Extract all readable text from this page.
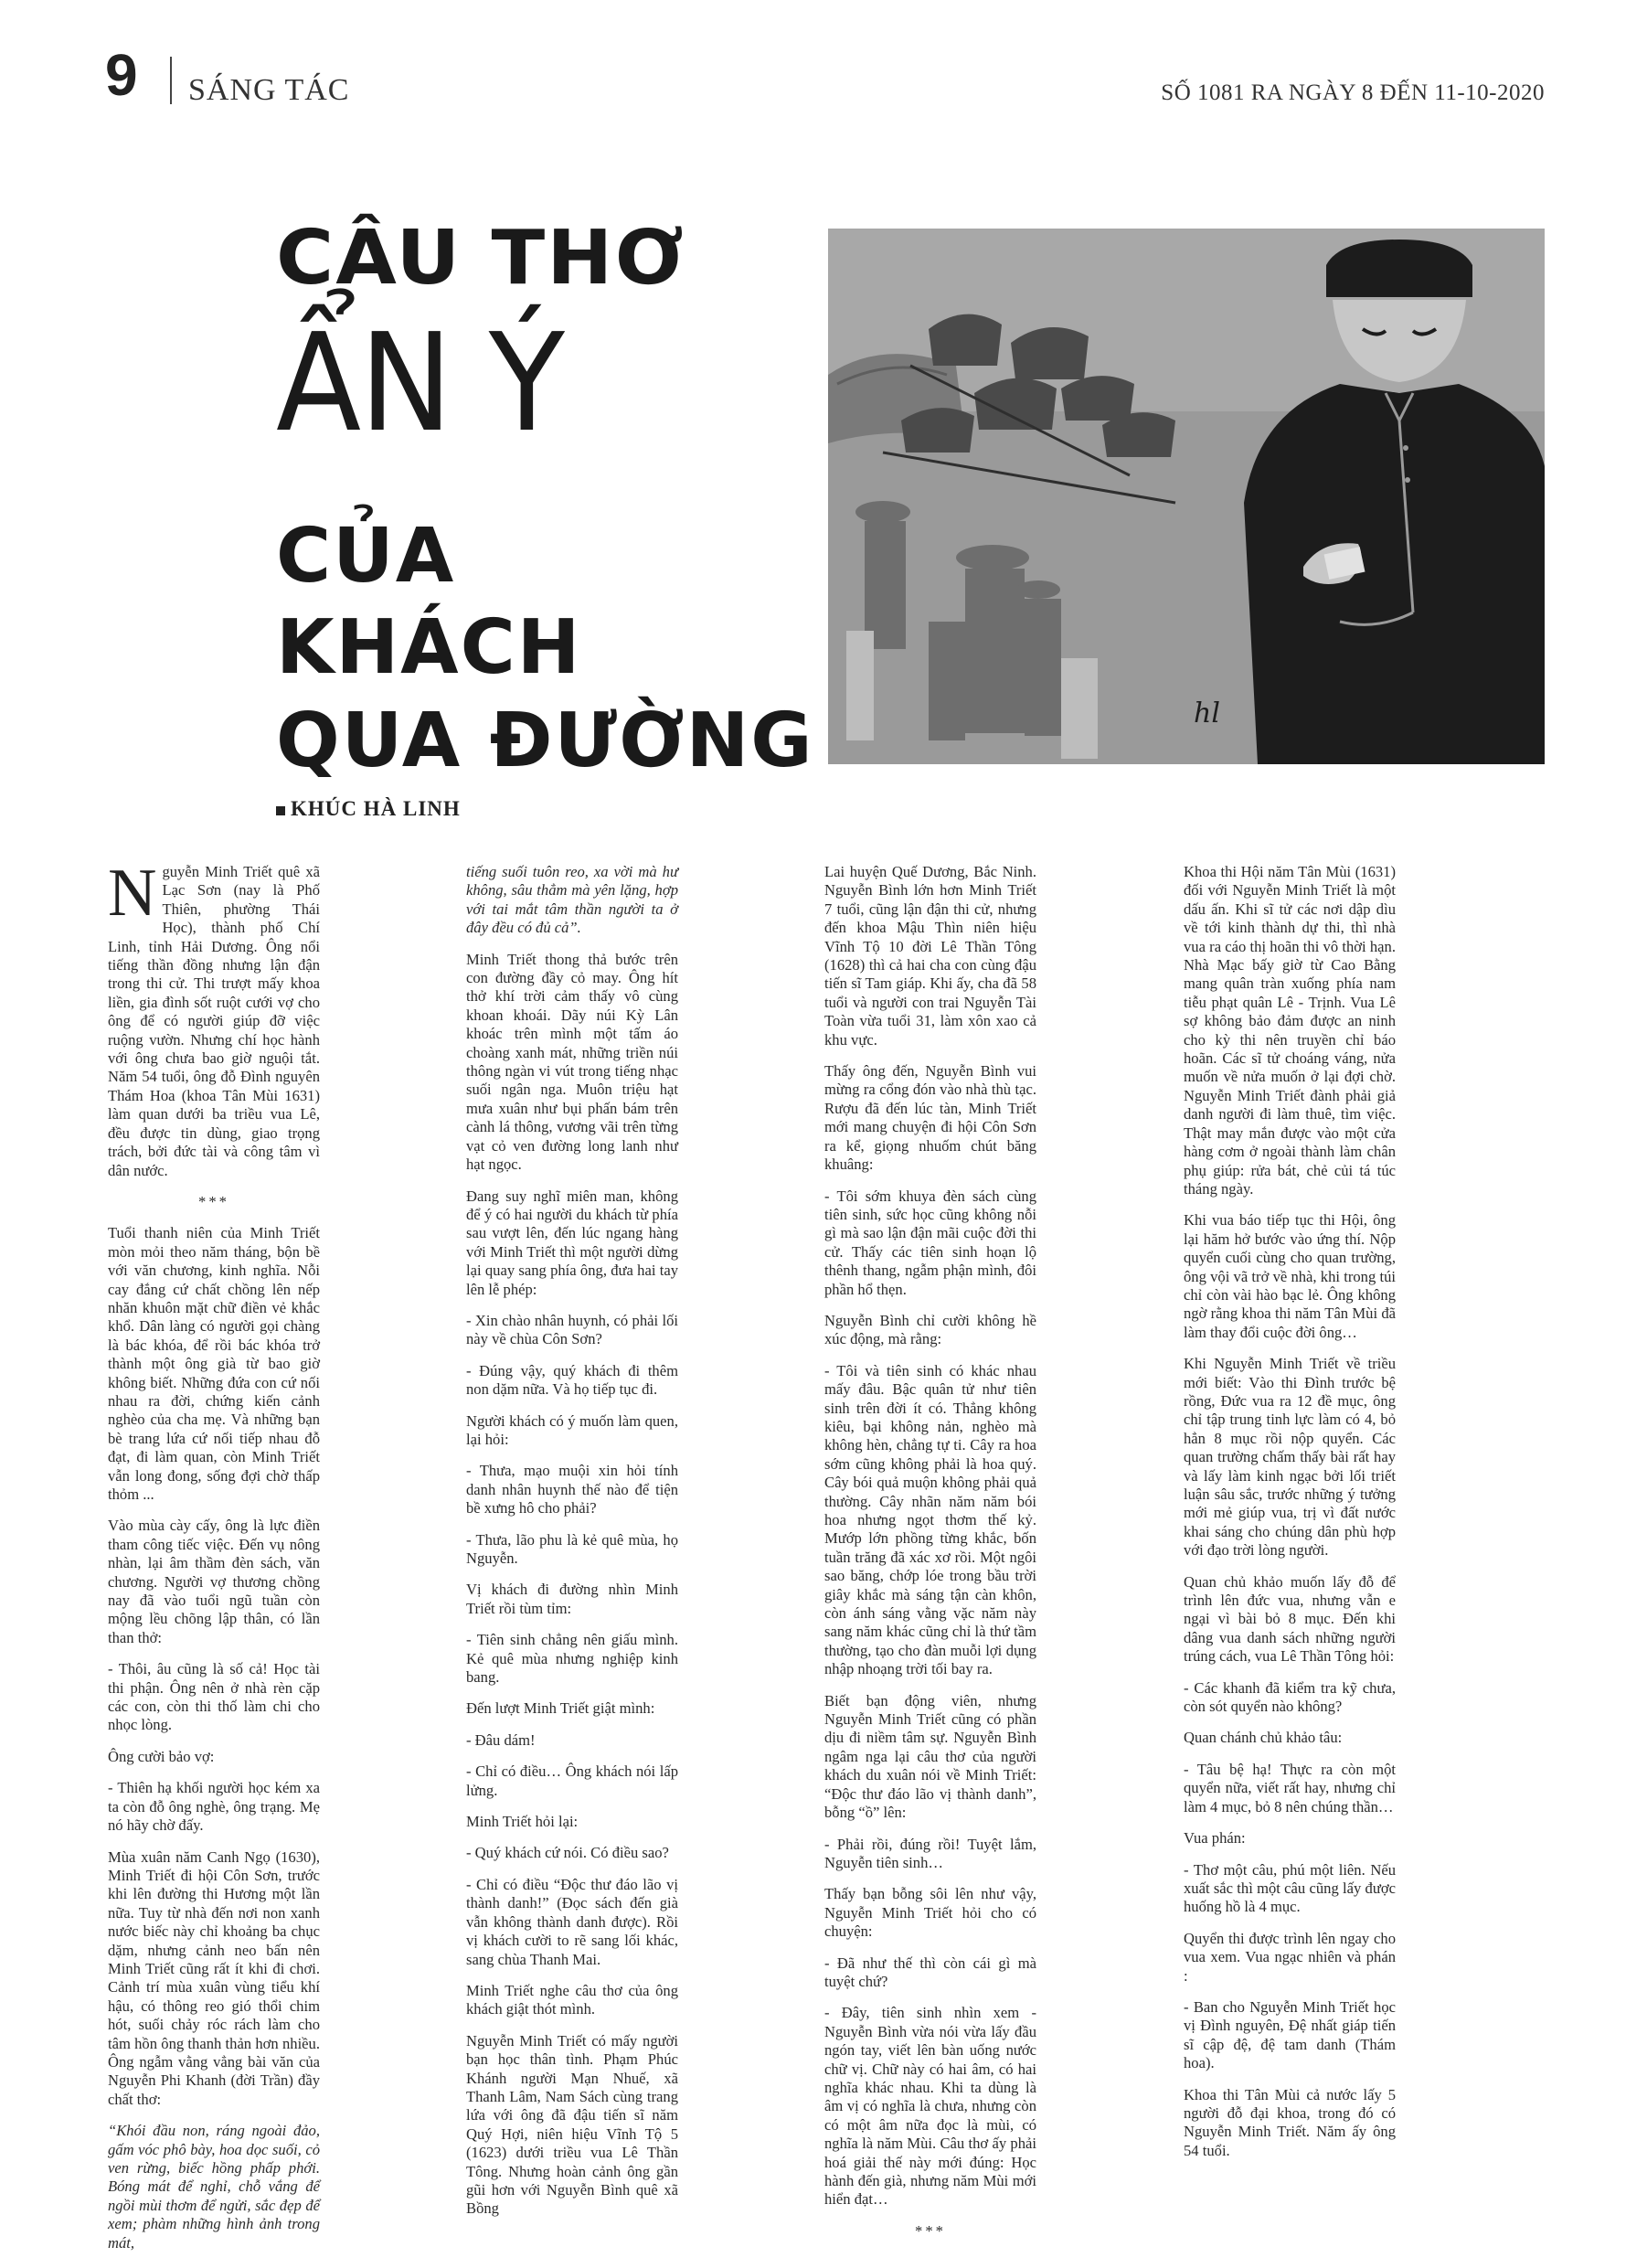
9 SÁNG TÁC	SỐ 1081 RA NGÀY 8 ĐẾN 11-10-2020
CÂU THƠ
ẨN Ý
CỦA
KHÁCH
QUA ĐƯỜNG
KHÚC HÀ LINH
hl

Nguyễn Minh Triết quê xã Lạc Sơn (nay là Phố Thiên, phường Thái Học), thành phố Chí Linh, tỉnh Hải Dương. Ông nổi tiếng thần đồng nhưng lận đận trong thi cử. Thi trượt mấy khoa liền, gia đình sốt ruột cưới vợ cho ông để có người giúp đỡ việc ruộng vườn. Nhưng chí học hành với ông chưa bao giờ nguội tắt. Năm 54 tuổi, ông đỗ Đình nguyên Thám Hoa (khoa Tân Mùi 1631) làm quan dưới ba triều vua Lê, đều được tin dùng, giao trọng trách, bởi đức tài và công tâm vì dân nước.

***

Tuổi thanh niên của Minh Triết mòn mỏi theo năm tháng, bộn bề với văn chương, kinh nghĩa. Nỗi cay đắng cứ chất chồng lên nếp nhăn khuôn mặt chữ điền vẻ khắc khổ. Dân làng có người gọi chàng là bác khóa, để rồi bác khóa trở thành một ông già từ bao giờ không biết. Những đứa con cứ nối nhau ra đời, chứng kiến cảnh nghèo của cha mẹ. Và những bạn bè trang lứa cứ nối tiếp nhau đỗ đạt, đi làm quan, còn Minh Triết vẫn long đong, sống đợi chờ thấp thỏm ...

Vào mùa cày cấy, ông là lực điền tham công tiếc việc. Đến vụ nông nhàn, lại âm thầm đèn sách, văn chương. Người vợ thương chồng nay đã vào tuổi ngũ tuần còn mộng lều chõng lập thân, có lần than thở:

- Thôi, âu cũng là số cả! Học tài thi phận. Ông nên ở nhà rèn cặp các con, còn thi thố làm chi cho nhọc lòng.

Ông cười bảo vợ:

- Thiên hạ khối người học kém xa ta còn đỗ ông nghè, ông trạng. Mẹ nó hãy chờ đấy.

Mùa xuân năm Canh Ngọ (1630), Minh Triết đi hội Côn Sơn, trước khi lên đường thi Hương một lần nữa. Tuy từ nhà đến nơi non xanh nước biếc này chỉ khoảng ba chục dặm, nhưng cảnh neo bấn nên Minh Triết cũng rất ít khi đi chơi. Cảnh trí mùa xuân vùng tiểu khí hậu, có thông reo gió thổi chim hót, suối chảy róc rách làm cho tâm hồn ông thanh thản hơn nhiều. Ông ngẫm vằng vẳng bài văn của Nguyễn Phi Khanh (đời Trần) đầy chất thơ:

“Khói đầu non, ráng ngoài đảo, gấm vóc phô bày, hoa dọc suối, cỏ ven rừng, biếc hồng phấp phới. Bóng mát để nghỉ, chỗ vắng để ngồi mùi thơm để ngửi, sắc đẹp để xem; phàm những hình ảnh trong mát,

tiếng suối tuôn reo, xa vời mà hư không, sâu thẳm mà yên lặng, hợp với tai mắt tâm thần người ta ở đây đều có đủ cả”.

Minh Triết thong thả bước trên con đường đầy cỏ may. Ông hít thở khí trời cảm thấy vô cùng khoan khoái. Dãy núi Kỳ Lân khoác trên mình một tấm áo choàng xanh mát, những triền núi thông ngàn vi vút trong tiếng nhạc suối ngân nga. Muôn triệu hạt mưa xuân như bụi phấn bám trên cành lá thông, vương vãi trên từng vạt cỏ ven đường long lanh như hạt ngọc.

Đang suy nghĩ miên man, không để ý có hai người du khách từ phía sau vượt lên, đến lúc ngang hàng với Minh Triết thì một người dừng lại quay sang phía ông, đưa hai tay lên lễ phép:

- Xin chào nhân huynh, có phải lối này về chùa Côn Sơn?

- Đúng vậy, quý khách đi thêm non dặm nữa. Và họ tiếp tục đi.

Người khách có ý muốn làm quen, lại hỏi:

- Thưa, mạo muội xin hỏi tính danh nhân huynh thế nào để tiện bề xưng hô cho phải?

- Thưa, lão phu là kẻ quê mùa, họ Nguyễn.

Vị khách đi đường nhìn Minh Triết rồi tùm tỉm:

- Tiên sinh chẳng nên giấu mình. Kẻ quê mùa nhưng nghiệp kinh bang.

Đến lượt Minh Triết giật mình:

- Đâu dám!

- Chỉ có điều… Ông khách nói lấp lửng.

Minh Triết hỏi lại:

- Quý khách cứ nói. Có điều sao?

- Chỉ có điều “Độc thư đáo lão vị thành danh!” (Đọc sách đến già vẫn không thành danh được). Rồi vị khách cười to rẽ sang lối khác, sang chùa Thanh Mai.

Minh Triết nghe câu thơ của ông khách giật thót mình.

Nguyễn Minh Triết có mấy người bạn học thân tình. Phạm Phúc Khánh người Mạn Nhuế, xã Thanh Lâm, Nam Sách cùng trang lứa với ông đã đậu tiến sĩ năm Quý Hợi, niên hiệu Vĩnh Tộ 5 (1623) dưới triều vua Lê Thần Tông. Nhưng hoàn cảnh ông gần gũi hơn với Nguyễn Bình quê xã Bồng

Lai huyện Quế Dương, Bắc Ninh. Nguyễn Bình lớn hơn Minh Triết 7 tuổi, cũng lận đận thi cử, nhưng đến khoa Mậu Thìn niên hiệu Vĩnh Tộ 10 đời Lê Thần Tông (1628) thì cả hai cha con cùng đậu tiến sĩ Tam giáp. Khi ấy, cha đã 58 tuổi và người con trai Nguyễn Tài Toàn vừa tuổi 31, làm xôn xao cả khu vực.

Thấy ông đến, Nguyễn Bình vui mừng ra cổng đón vào nhà thù tạc. Rượu đã đến lúc tàn, Minh Triết mới mang chuyện đi hội Côn Sơn ra kể, giọng nhuốm chút băng khuâng:

- Tôi sớm khuya đèn sách cùng tiên sinh, sức học cũng không nỗi gì mà sao lận đận mãi cuộc đời thi cử. Thấy các tiên sinh hoạn lộ thênh thang, ngẫm phận mình, đôi phần hổ thẹn.

Nguyễn Bình chỉ cười không hề xúc động, mà rằng:

- Tôi và tiên sinh có khác nhau mấy đâu. Bậc quân tử như tiên sinh trên đời ít có. Thẳng không kiêu, bại không nản, nghèo mà không hèn, chẳng tự ti. Cây ra hoa sớm cũng không phải là hoa quý. Cây bói quả muộn không phải quả thường. Cây nhãn năm năm bói hoa nhưng ngọt thơm thế kỷ. Mướp lớn phồng từng khắc, bốn tuần trăng đã xác xơ rồi. Một ngôi sao băng, chớp lóe trong bầu trời giây khắc mà sáng tận càn khôn, còn ánh sáng vằng vặc năm này sang năm khác cũng chỉ là thứ tầm thường, tạo cho đàn muỗi lợi dụng nhập nhoạng trời tối bay ra.

Biết bạn động viên, nhưng Nguyễn Minh Triết cũng có phần dịu đi niềm tâm sự. Nguyễn Bình ngâm nga lại câu thơ của người khách du xuân nói về Minh Triết: “Độc thư đáo lão vị thành danh”, bỗng “ồ” lên:

- Phải rồi, đúng rồi! Tuyệt lắm, Nguyễn tiên sinh…

Thấy bạn bỗng sôi lên như vậy, Nguyễn Minh Triết hỏi cho có chuyện:

- Đã như thế thì còn cái gì mà tuyệt chứ?

- Đây, tiên sinh nhìn xem - Nguyễn Bình vừa nói vừa lấy đầu ngón tay, viết lên bàn uống nước chữ vị. Chữ này có hai âm, có hai nghĩa khác nhau. Khi ta dùng là âm vị có nghĩa là chưa, nhưng còn có một âm nữa đọc là mùi, có nghĩa là năm Mùi. Câu thơ ấy phải hoá giải thế này mới đúng: Học hành đến già, nhưng năm Mùi mới hiển đạt…

***

Khoa thi Hội năm Tân Mùi (1631) đối với Nguyễn Minh Triết là một dấu ấn. Khi sĩ tử các nơi dập dìu về tới kinh thành dự thi, thì nhà vua ra cáo thị hoãn thi vô thời hạn. Nhà Mạc bấy giờ từ Cao Bằng mang quân tràn xuống phía nam tiễu phạt quân Lê - Trịnh. Vua Lê sợ không bảo đảm được an ninh cho kỳ thi nên truyền chỉ báo hoãn. Các sĩ tử choáng váng, nửa muốn về nửa muốn ở lại đợi chờ. Nguyễn Minh Triết đành phải giả danh người đi làm thuê, tìm việc. Thật may mắn được vào một cửa hàng cơm ở ngoài thành làm chân phụ giúp: rửa bát, chẻ củi tá túc tháng ngày.

Khi vua báo tiếp tục thi Hội, ông lại hăm hở bước vào ứng thí. Nộp quyển cuối cùng cho quan trường, ông vội vã trở về nhà, khi trong túi chỉ còn vài hào bạc lẻ. Ông không ngờ rằng khoa thi năm Tân Mùi đã làm thay đổi cuộc đời ông…

Khi Nguyễn Minh Triết về triều mới biết: Vào thi Đình trước bệ rồng, Đức vua ra 12 đề mục, ông chỉ tập trung tinh lực làm có 4, bỏ hẳn 8 mục rồi nộp quyển. Các quan trường chấm thấy bài rất hay và lấy làm kinh ngạc bởi lối triết luận sâu sắc, trước những ý tưởng mới mẻ giúp vua, trị vì đất nước khai sáng cho chúng dân phù hợp với đạo trời lòng người.

Quan chủ khảo muốn lấy đỗ để trình lên đức vua, nhưng vẫn e ngại vì bài bỏ 8 mục. Đến khi dâng vua danh sách những người trúng cách, vua Lê Thần Tông hỏi:

- Các khanh đã kiểm tra kỹ chưa, còn sót quyển nào không?

Quan chánh chủ khảo tâu:

- Tâu bệ hạ! Thực ra còn một quyển nữa, viết rất hay, nhưng chỉ làm 4 mục, bỏ 8 nên chúng thần…

Vua phán:

- Thơ một câu, phú một liên. Nếu xuất sắc thì một câu cũng lấy được huống hồ là 4 mục.

Quyển thi được trình lên ngay cho vua xem. Vua ngạc nhiên và phán :

- Ban cho Nguyễn Minh Triết học vị Đình nguyên, Đệ nhất giáp tiến sĩ cập đệ, đệ tam danh (Thám hoa).

Khoa thi Tân Mùi cả nước lấy 5 người đỗ đại khoa, trong đó có Nguyễn Minh Triết. Năm ấy ông 54 tuổi.
